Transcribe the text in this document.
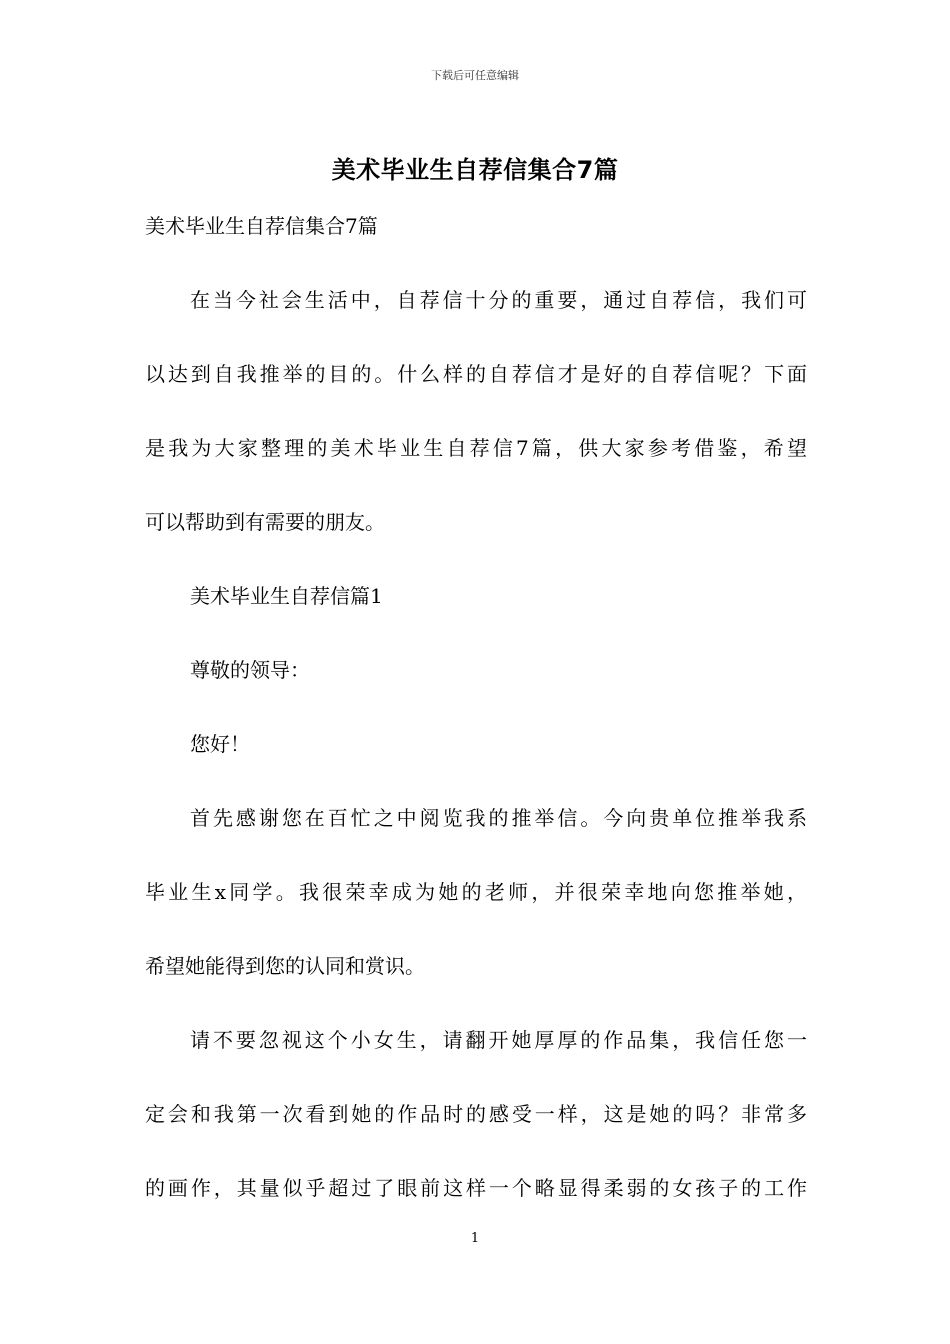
下载后可任意编辑
美术毕业生自荐信集合7篇
美术毕业生自荐信集合7篇
在当今社会生活中，自荐信十分的重要，通过自荐信，我们可
以达到自我推举的目的。什么样的自荐信才是好的自荐信呢？下面
是我为大家整理的美术毕业生自荐信7篇，供大家参考借鉴，希望
可以帮助到有需要的朋友。
美术毕业生自荐信篇1
尊敬的领导：
您好！
首先感谢您在百忙之中阅览我的推举信。今向贵单位推举我系
毕业生x同学。我很荣幸成为她的老师，并很荣幸地向您推举她，
希望她能得到您的认同和赏识。
请不要忽视这个小女生，请翻开她厚厚的作品集，我信任您一
定会和我第一次看到她的作品时的感受一样，这是她的吗？非常多
的画作，其量似乎超过了眼前这样一个略显得柔弱的女孩子的工作
1
